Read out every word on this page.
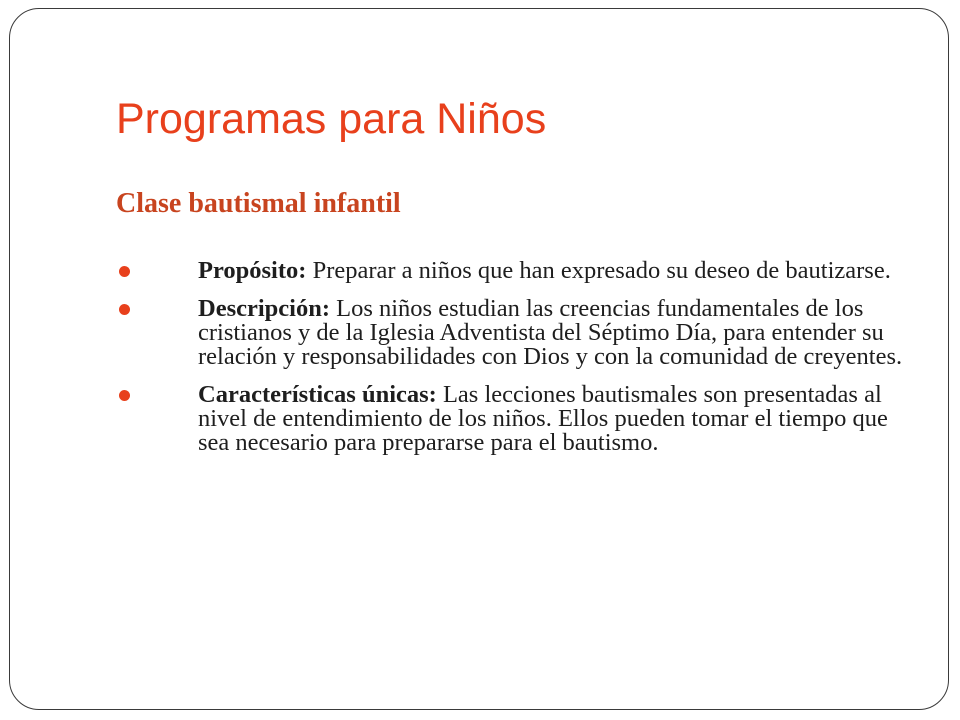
Programas para Niños
Clase bautismal infantil
Propósito: Preparar a niños que han expresado su deseo de bautizarse.
Descripción: Los niños estudian las creencias fundamentales de los cristianos y de la Iglesia Adventista del Séptimo Día, para entender su relación y responsabilidades con Dios y con la comunidad de creyentes.
Características únicas: Las lecciones bautismales son presentadas al nivel de entendimiento de los niños. Ellos pueden tomar el tiempo que sea necesario para prepararse para el bautismo.
